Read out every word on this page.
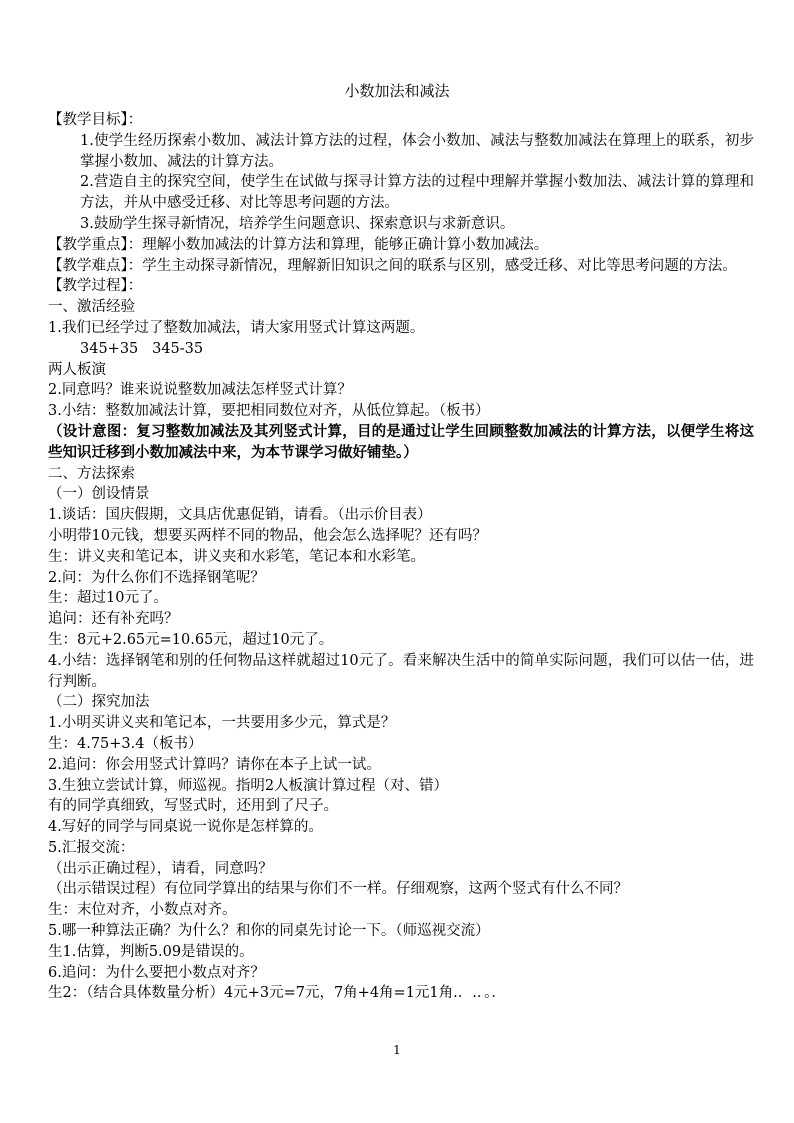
小数加法和减法
【教学目标】：
1.使学生经历探索小数加、减法计算方法的过程，体会小数加、减法与整数加减法在算理上的联系，初步掌握小数加、减法的计算方法。
2.营造自主的探究空间，使学生在试做与探寻计算方法的过程中理解并掌握小数加法、减法计算的算理和方法，并从中感受迁移、对比等思考问题的方法。
3.鼓励学生探寻新情况，培养学生问题意识、探索意识与求新意识。
【教学重点】：理解小数加减法的计算方法和算理，能够正确计算小数加减法。
【教学难点】：学生主动探寻新情况，理解新旧知识之间的联系与区别，感受迁移、对比等思考问题的方法。
【教学过程】：
一、激活经验
1.我们已经学过了整数加减法，请大家用竖式计算这两题。
345+35   345-35
两人板演
2.同意吗？谁来说说整数加减法怎样竖式计算？
3.小结：整数加减法计算，要把相同数位对齐，从低位算起。（板书）
（设计意图：复习整数加减法及其列竖式计算，目的是通过让学生回顾整数加减法的计算方法，以便学生将这些知识迁移到小数加减法中来，为本节课学习做好铺垫。）
二、方法探索
（一）创设情景
1.谈话：国庆假期，文具店优惠促销，请看。（出示价目表）
小明带10元钱，想要买两样不同的物品，他会怎么选择呢？还有吗？
生：讲义夹和笔记本，讲义夹和水彩笔，笔记本和水彩笔。
2.问：为什么你们不选择钢笔呢？
生：超过10元了。
追问：还有补充吗？
生：8元+2.65元=10.65元，超过10元了。
4.小结：选择钢笔和别的任何物品这样就超过10元了。看来解决生活中的简单实际问题，我们可以估一估，进行判断。
（二）探究加法
1.小明买讲义夹和笔记本，一共要用多少元，算式是？
生：4.75+3.4（板书）
2.追问：你会用竖式计算吗？请你在本子上试一试。
3.生独立尝试计算，师巡视。指明2人板演计算过程（对、错）
有的同学真细致，写竖式时，还用到了尺子。
4.写好的同学与同桌说一说你是怎样算的。
5.汇报交流：
（出示正确过程），请看，同意吗？
（出示错误过程）有位同学算出的结果与你们不一样。仔细观察，这两个竖式有什么不同？
生：末位对齐，小数点对齐。
5.哪一种算法正确？为什么？和你的同桌先讨论一下。（师巡视交流）
生1.估算，判断5.09是错误的。
6.追问：为什么要把小数点对齐？
生2：（结合具体数量分析）4元+3元=7元，7角+4角=1元1角.．.．。．
1
